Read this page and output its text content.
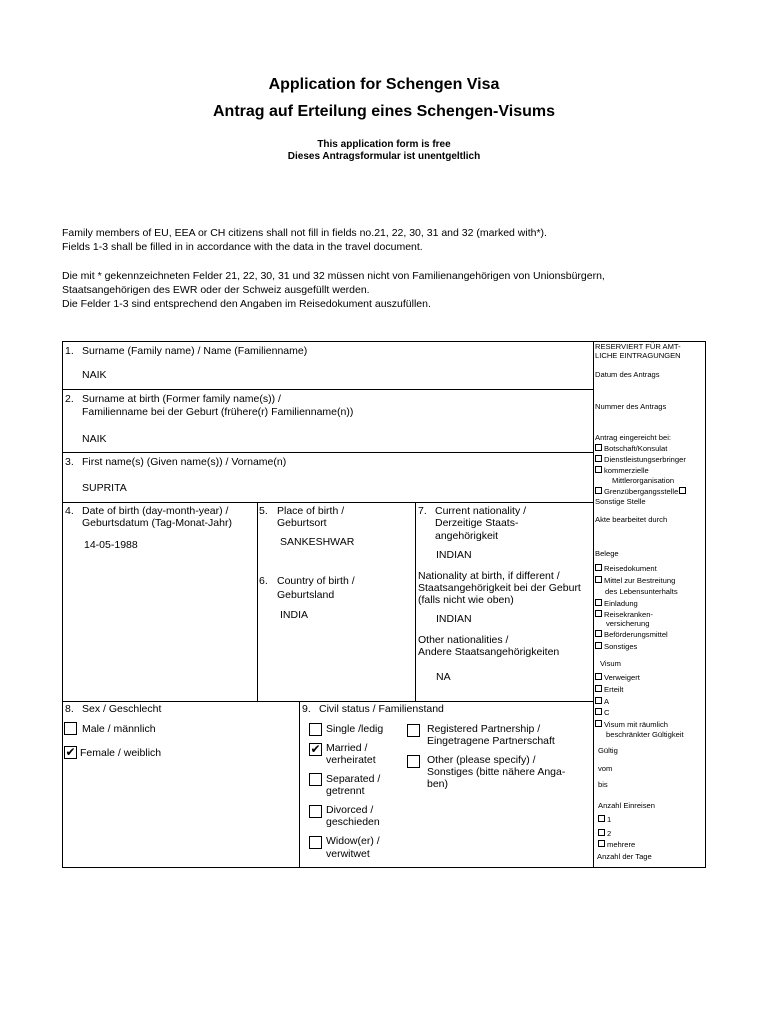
Application for Schengen Visa
Antrag auf Erteilung eines Schengen-Visums
This application form is free
Dieses Antragsformular ist unentgeltlich
Family members of EU, EEA or CH citizens shall not fill in fields no.21, 22, 30, 31 and 32 (marked with*).
Fields 1-3 shall be filled in in accordance with the data in the travel document.
Die mit * gekennzeichneten Felder 21, 22, 30, 31 und 32 müssen nicht von Familienangehörigen von Unionsbürgern,
Staatsangehörigen des EWR oder der Schweiz ausgefüllt werden.
Die Felder 1-3 sind entsprechend den Angaben im Reisedokument auszufüllen.
1. Surname (Family name) / Name (Familienname)
NAIK
2. Surname at birth (Former family name(s)) /
Familienname bei der Geburt (frühere(r) Familienname(n))
NAIK
3. First name(s) (Given name(s)) / Vorname(n)
SUPRITA
4. Date of birth (day-month-year) /
Geburtsdatum (Tag-Monat-Jahr)
14-05-1988
5. Place of birth /
Geburtsort
SANKESHWAR
6. Country of birth /
Geburtsland
INDIA
7. Current nationality /
Derzeitige Staats-
angehörigkeit
INDIAN
Nationality at birth, if different /
Staatsangehörigkeit bei der Geburt
(falls nicht wie oben)
INDIAN
Other nationalities /
Andere Staatsangehörigkeiten
NA
8. Sex / Geschlecht
Male / männlich
✔ Female / weiblich
9. Civil status / Familienstand
Single /ledig
✔ Married /
verheiratet
Separated /
getrennt
Divorced /
geschieden
Widow(er) /
verwitwet
Registered Partnership /
Eingetragene Partnerschaft
Other (please specify) /
Sonstiges (bitte nähere Anga-
ben)
RESERVIERT FÜR AMT-
LICHE EINTRAGUNGEN
Datum des Antrags
Nummer des Antrags
Antrag eingereicht bei:
Botschaft/Konsulat
Dienstleistungserbringer
kommerzielle
Mittlerorganisation
Grenzübergangsstelle
Sonstige Stelle
Akte bearbeitet durch
Belege
Reisedokument
Mittel zur Bestreitung
des Lebensunterhalts
Einladung
Reisekranken-
versicherung
Beförderungsmittel
Sonstiges
Visum
Verweigert
Erteilt
A
C
Visum mit räumlich
beschränkter Gültigkeit
Gültig
vom
bis
Anzahl Einreisen
1
2
mehrere
Anzahl der Tage
